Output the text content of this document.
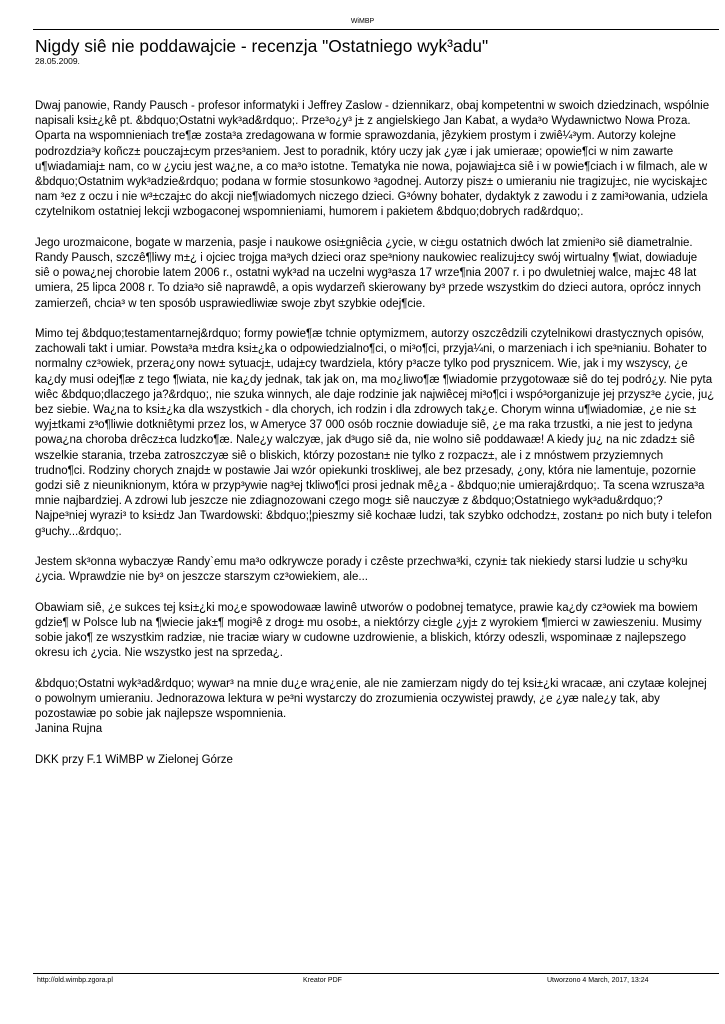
WiMBP
Nigdy siê nie poddawajcie - recenzja "Ostatniego wyk³adu"
28.05.2009.

Dwaj panowie, Randy Pausch - profesor informatyki i Jeffrey Zaslow - dziennikarz, obaj kompetentni w swoich dziedzinach, wspólnie napisali ksi±¿kê pt. &bdquo;Ostatni wyk³ad&rdquo;. Prze³o¿y³ j± z angielskiego Jan Kabat, a wyda³o Wydawnictwo Nowa Proza. Oparta na wspomnieniach tre¶æ zosta³a zredagowana w formie sprawozdania, jêzykiem prostym i zwiê¼³ym. Autorzy kolejne podrozdzia³y koñcz± pouczaj±cym przes³aniem. Jest to poradnik, który uczy jak ¿yæ i jak umieraæ; opowie¶ci w nim zawarte u¶wiadamiaj± nam, co w ¿yciu jest wa¿ne, a co ma³o istotne. Tematyka nie nowa, pojawiaj±ca siê i w powie¶ciach i w filmach, ale w &bdquo;Ostatnim wyk³adzie&rdquo; podana w formie stosunkowo ³agodnej. Autorzy pisz± o umieraniu nie tragizuj±c, nie wyciskaj±c nam ³ez z oczu i nie w³±czaj±c do akcji nie¶wiadomych niczego dzieci. G³ówny bohater, dydaktyk z zawodu i z zami³owania, udziela czytelnikom ostatniej lekcji wzbogaconej wspomnieniami, humorem i pakietem &bdquo;dobrych rad&rdquo;.

Jego urozmaicone, bogate w marzenia, pasje i naukowe osi±gniêcia ¿ycie, w ci±gu ostatnich dwóch lat zmieni³o siê diametralnie. Randy Pausch, szczê¶liwy m±¿ i ojciec trojga ma³ych dzieci oraz spe³niony naukowiec realizuj±cy swój wirtualny ¶wiat, dowiaduje siê o powa¿nej chorobie latem 2006 r., ostatni wyk³ad na uczelni wyg³asza 17 wrze¶nia 2007 r. i po dwuletniej walce, maj±c 48 lat umiera, 25 lipca 2008 r. To dzia³o siê naprawdê, a opis wydarzeñ skierowany by³ przede wszystkim do dzieci autora, oprócz innych zamierzeñ, chcia³ w ten sposób usprawiedliwiæ swoje zbyt szybkie odej¶cie.

Mimo tej &bdquo;testamentarnej&rdquo; formy powie¶æ tchnie optymizmem, autorzy oszczêdzili czytelnikowi drastycznych opisów, zachowali takt i umiar. Powsta³a m±dra ksi±¿ka o odpowiedzialno¶ci, o mi³o¶ci, przyja¼ni, o marzeniach i ich spe³nianiu. Bohater to normalny cz³owiek, przera¿ony now± sytuacj±, udaj±cy twardziela, który p³acze tylko pod prysznicem. Wie, jak i my wszyscy, ¿e ka¿dy musi odej¶æ z tego ¶wiata, nie ka¿dy jednak, tak jak on, ma mo¿liwo¶æ ¶wiadomie przygotowaæ siê do tej podró¿y. Nie pyta wiêc &bdquo;dlaczego ja?&rdquo;, nie szuka winnych, ale daje rodzinie jak najwiêcej mi³o¶ci i wspó³organizuje jej przysz³e ¿ycie, ju¿ bez siebie. Wa¿na to ksi±¿ka dla wszystkich - dla chorych, ich rodzin i dla zdrowych tak¿e. Chorym winna u¶wiadomiæ, ¿e nie s± wyj±tkami z³o¶liwie dotkniêtymi przez los, w Ameryce 37 000 osób rocznie dowiaduje siê, ¿e ma raka trzustki, a nie jest to jedyna powa¿na choroba drêcz±ca ludzko¶æ. Nale¿y walczyæ, jak d³ugo siê da, nie wolno siê poddawaæ! A kiedy ju¿ na nic zdadz± siê wszelkie starania, trzeba zatroszczyæ siê o bliskich, którzy pozostan± nie tylko z rozpacz±, ale i z mnóstwem przyziemnych trudno¶ci. Rodziny chorych znajd± w postawie Jai wzór opiekunki troskliwej, ale bez przesady, ¿ony, która nie lamentuje, pozornie godzi siê z nieuniknionym, która w przyp³ywie nag³ej tkliwo¶ci prosi jednak mê¿a - &bdquo;nie umieraj&rdquo;. Ta scena wzrusza³a mnie najbardziej. A zdrowi lub jeszcze nie zdiagnozowani czego mog± siê nauczyæ z &bdquo;Ostatniego wyk³adu&rdquo;? Najpe³niej wyrazi³ to ksi±dz Jan Twardowski: &bdquo;¦pieszmy siê kochaæ ludzi, tak szybko odchodz±, zostan± po nich buty i telefon g³uchy...&rdquo;.

Jestem sk³onna wybaczyæ Randy`emu ma³o odkrywcze porady i czêste przechwa³ki, czyni± tak niekiedy starsi ludzie u schy³ku ¿ycia. Wprawdzie nie by³ on jeszcze starszym cz³owiekiem, ale...

Obawiam siê, ¿e sukces tej ksi±¿ki mo¿e spowodowaæ lawinê utworów o podobnej tematyce, prawie ka¿dy cz³owiek ma bowiem gdzie¶ w Polsce lub na ¶wiecie jak±¶ mogi³ê z drog± mu osob±, a niektórzy ci±gle ¿yj± z wyrokiem ¶mierci w zawieszeniu. Musimy sobie jako¶ ze wszystkim radziæ, nie traciæ wiary w cudowne uzdrowienie, a bliskich, którzy odeszli, wspominaæ z najlepszego okresu ich ¿ycia. Nie wszystko jest na sprzeda¿.

&bdquo;Ostatni wyk³ad&rdquo; wywar³ na mnie du¿e wra¿enie, ale nie zamierzam nigdy do tej ksi±¿ki wracaæ, ani czytaæ kolejnej o powolnym umieraniu. Jednorazowa lektura w pe³ni wystarczy do zrozumienia oczywistej prawdy, ¿e ¿yæ nale¿y tak, aby pozostawiæ po sobie jak najlepsze wspomnienia.

Janina Rujna

DKK przy F.1 WiMBP w Zielonej Górze

http://old.wimbp.zgora.pl	Kreator PDF	Utworzono 4 March, 2017, 13:24
